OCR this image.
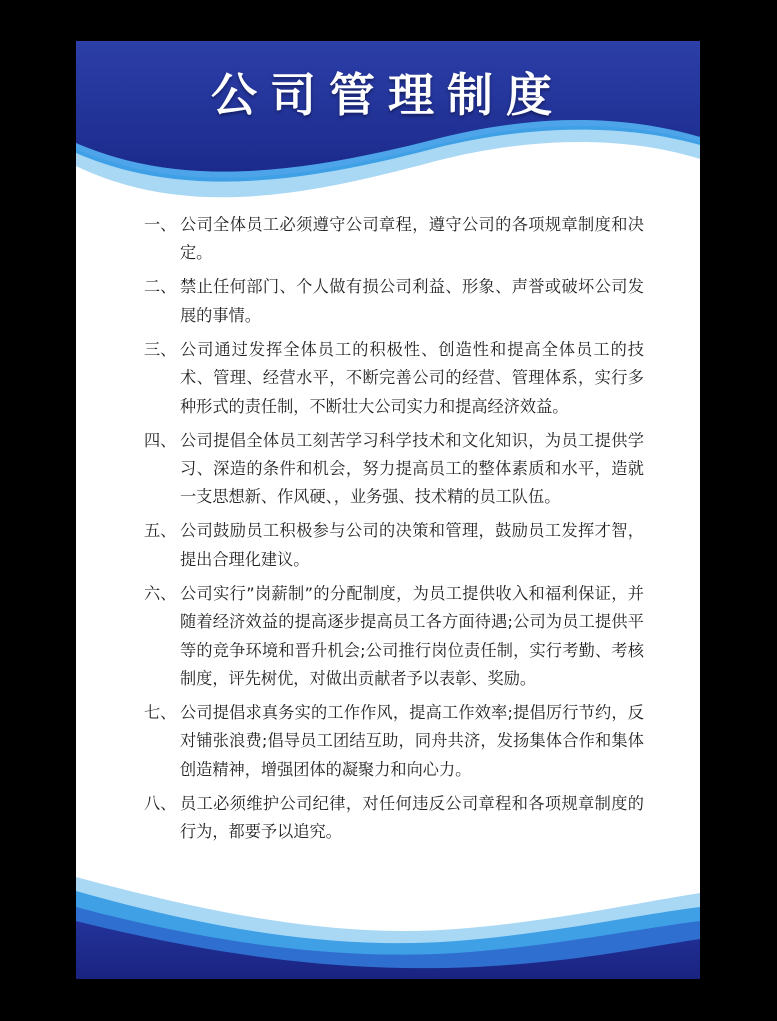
公司管理制度
一、 公司全体员工必须遵守公司章程，遵守公司的各项规章制度和决定。
二、 禁止任何部门、个人做有损公司利益、形象、声誉或破坏公司发展的事情。
三、 公司通过发挥全体员工的积极性、创造性和提高全体员工的技术、管理、经营水平，不断完善公司的经营、管理体系，实行多种形式的责任制，不断壮大公司实力和提高经济效益。
四、 公司提倡全体员工刻苦学习科学技术和文化知识，为员工提供学习、深造的条件和机会，努力提高员工的整体素质和水平，造就一支思想新、作风硬、，业务强、技术精的员工队伍。
五、 公司鼓励员工积极参与公司的决策和管理，鼓励员工发挥才智，提出合理化建议。
六、 公司实行”岗薪制”的分配制度，为员工提供收入和福利保证，并随着经济效益的提高逐步提高员工各方面待遇;公司为员工提供平等的竞争环境和晋升机会;公司推行岗位责任制，实行考勤、考核制度，评先树优，对做出贡献者予以表彰、奖励。
七、 公司提倡求真务实的工作作风，提高工作效率;提倡厉行节约，反对铺张浪费;倡导员工团结互助，同舟共济，发扬集体合作和集体创造精神，增强团体的凝聚力和向心力。
八、 员工必须维护公司纪律，对任何违反公司章程和各项规章制度的行为，都要予以追究。
